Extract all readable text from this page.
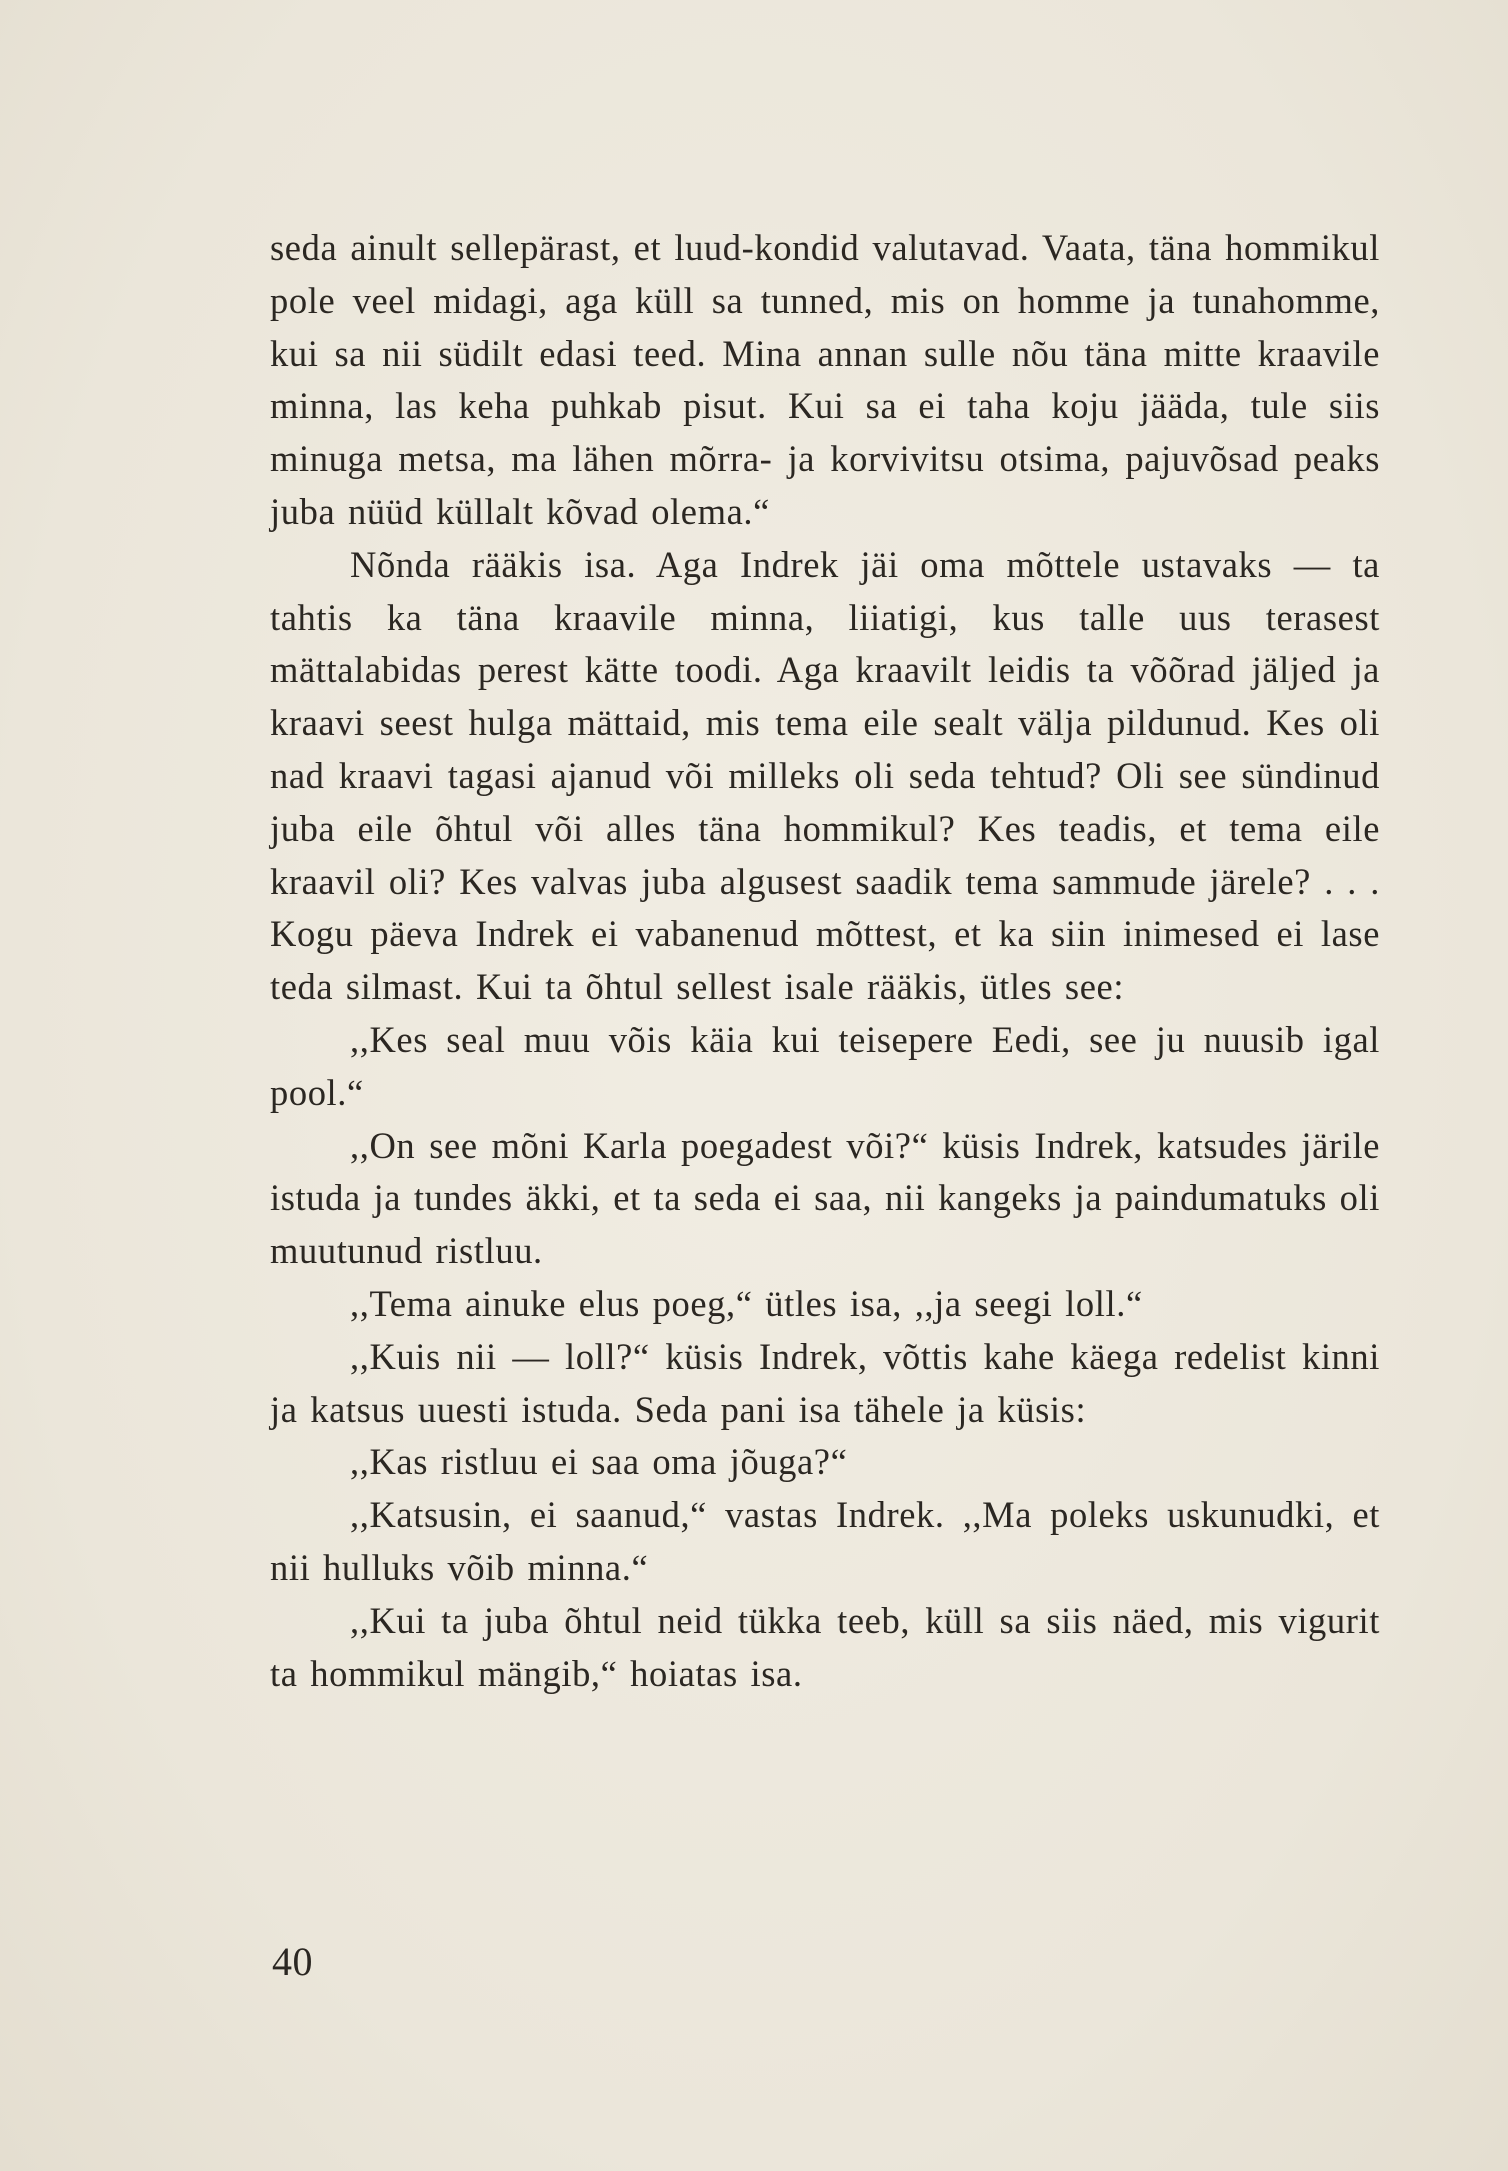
seda ainult sellepärast, et luud-kondid valutavad. Vaata, täna hommikul pole veel midagi, aga küll sa tunned, mis on homme ja tunahomme, kui sa nii südilt edasi teed. Mina annan sulle nõu täna mitte kraavile minna, las keha puhkab pisut. Kui sa ei taha koju jääda, tule siis minuga metsa, ma lähen mõrra- ja korvivitsu otsima, pajuvõsad peaks juba nüüd küllalt kõvad olema.“

Nõnda rääkis isa. Aga Indrek jäi oma mõttele ustavaks — ta tahtis ka täna kraavile minna, liiatigi, kus talle uus terasest mättalabidas perest kätte toodi. Aga kraavilt leidis ta võõrad jäljed ja kraavi seest hulga mättaid, mis tema eile sealt välja pildunud. Kes oli nad kraavi tagasi ajanud või milleks oli seda tehtud? Oli see sündinud juba eile õhtul või alles täna hommikul? Kes teadis, et tema eile kraavil oli? Kes valvas juba algusest saadik tema sammude järele? . . . Kogu päeva Indrek ei vabanenud mõttest, et ka siin inimesed ei lase teda silmast. Kui ta õhtul sellest isale rääkis, ütles see:

,,Kes seal muu võis käia kui teisepere Eedi, see ju nuusib igal pool.“

,,On see mõni Karla poegadest või?“ küsis Indrek, katsudes järile istuda ja tundes äkki, et ta seda ei saa, nii kangeks ja paindumatuks oli muutunud ristluu.

,,Tema ainuke elus poeg,“ ütles isa, ,,ja seegi loll.“

,,Kuis nii — loll?“ küsis Indrek, võttis kahe käega redelist kinni ja katsus uuesti istuda. Seda pani isa tähele ja küsis:

,,Kas ristluu ei saa oma jõuga?“

,,Katsusin, ei saanud,“ vastas Indrek. ,,Ma poleks uskunudki, et nii hulluks võib minna.“

,,Kui ta juba õhtul neid tükka teeb, küll sa siis näed, mis vigurit ta hommikul mängib,“ hoiatas isa.

40
